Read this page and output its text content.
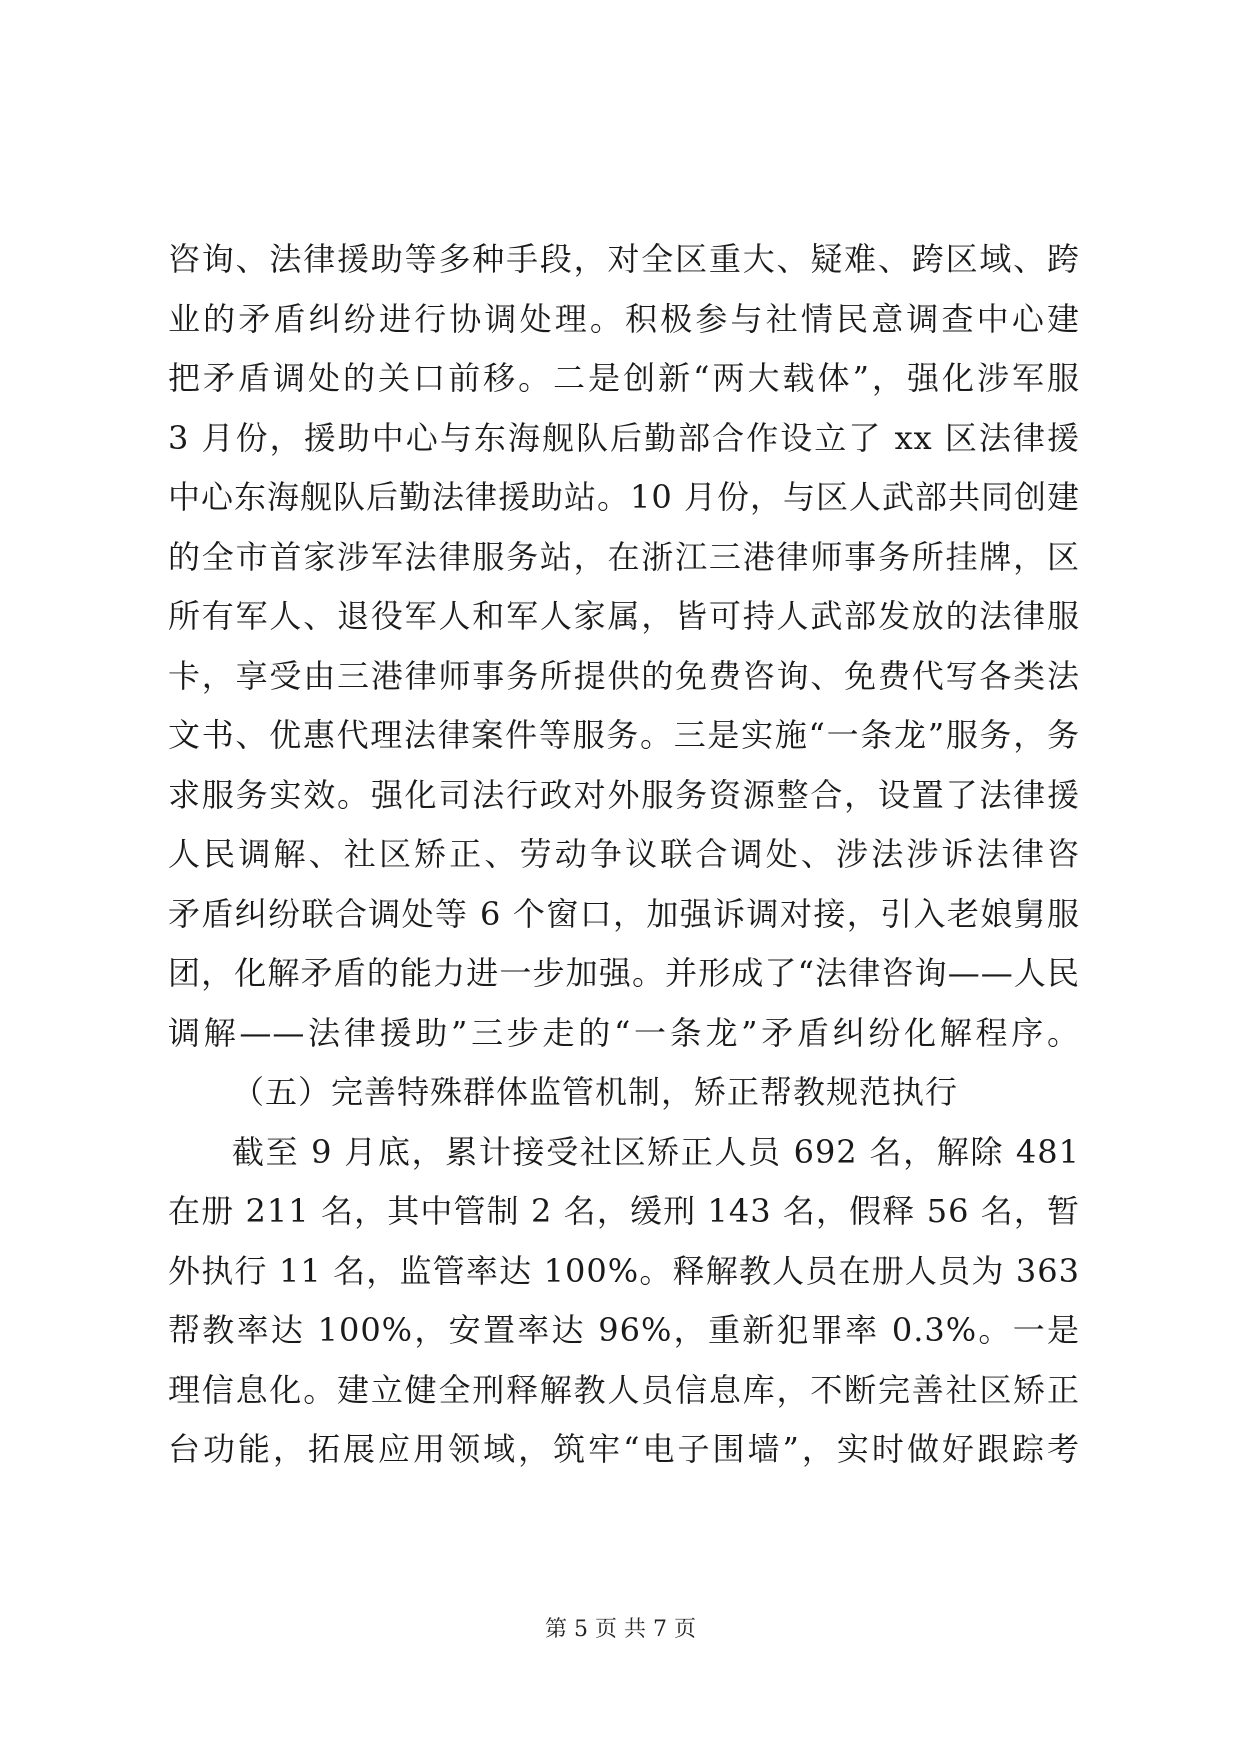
咨询、法律援助等多种手段，对全区重大、疑难、跨区域、跨
业的矛盾纠纷进行协调处理。积极参与社情民意调查中心建
把矛盾调处的关口前移。二是创新“两大载体”，强化涉军服
3 月份，援助中心与东海舰队后勤部合作设立了 xx 区法律援
中心东海舰队后勤法律援助站。10 月份，与区人武部共同创建
的全市首家涉军法律服务站，在浙江三港律师事务所挂牌，区
所有军人、退役军人和军人家属，皆可持人武部发放的法律服
卡，享受由三港律师事务所提供的免费咨询、免费代写各类法
文书、优惠代理法律案件等服务。三是实施“一条龙”服务，务
求服务实效。强化司法行政对外服务资源整合，设置了法律援
人民调解、社区矫正、劳动争议联合调处、涉法涉诉法律咨
矛盾纠纷联合调处等 6 个窗口，加强诉调对接，引入老娘舅服
团，化解矛盾的能力进一步加强。并形成了“法律咨询——人民
调解——法律援助”三步走的“一条龙”矛盾纠纷化解程序。
（五）完善特殊群体监管机制，矫正帮教规范执行
截至 9 月底，累计接受社区矫正人员 692 名，解除 481
在册 211 名，其中管制 2 名，缓刑 143 名，假释 56 名，暂
外执行 11 名，监管率达 100%。释解教人员在册人员为 363
帮教率达 100%，安置率达 96%，重新犯罪率 0.3%。一是
理信息化。建立健全刑释解教人员信息库，不断完善社区矫正
台功能，拓展应用领域，筑牢“电子围墙”，实时做好跟踪考
第 5 页 共 7 页
